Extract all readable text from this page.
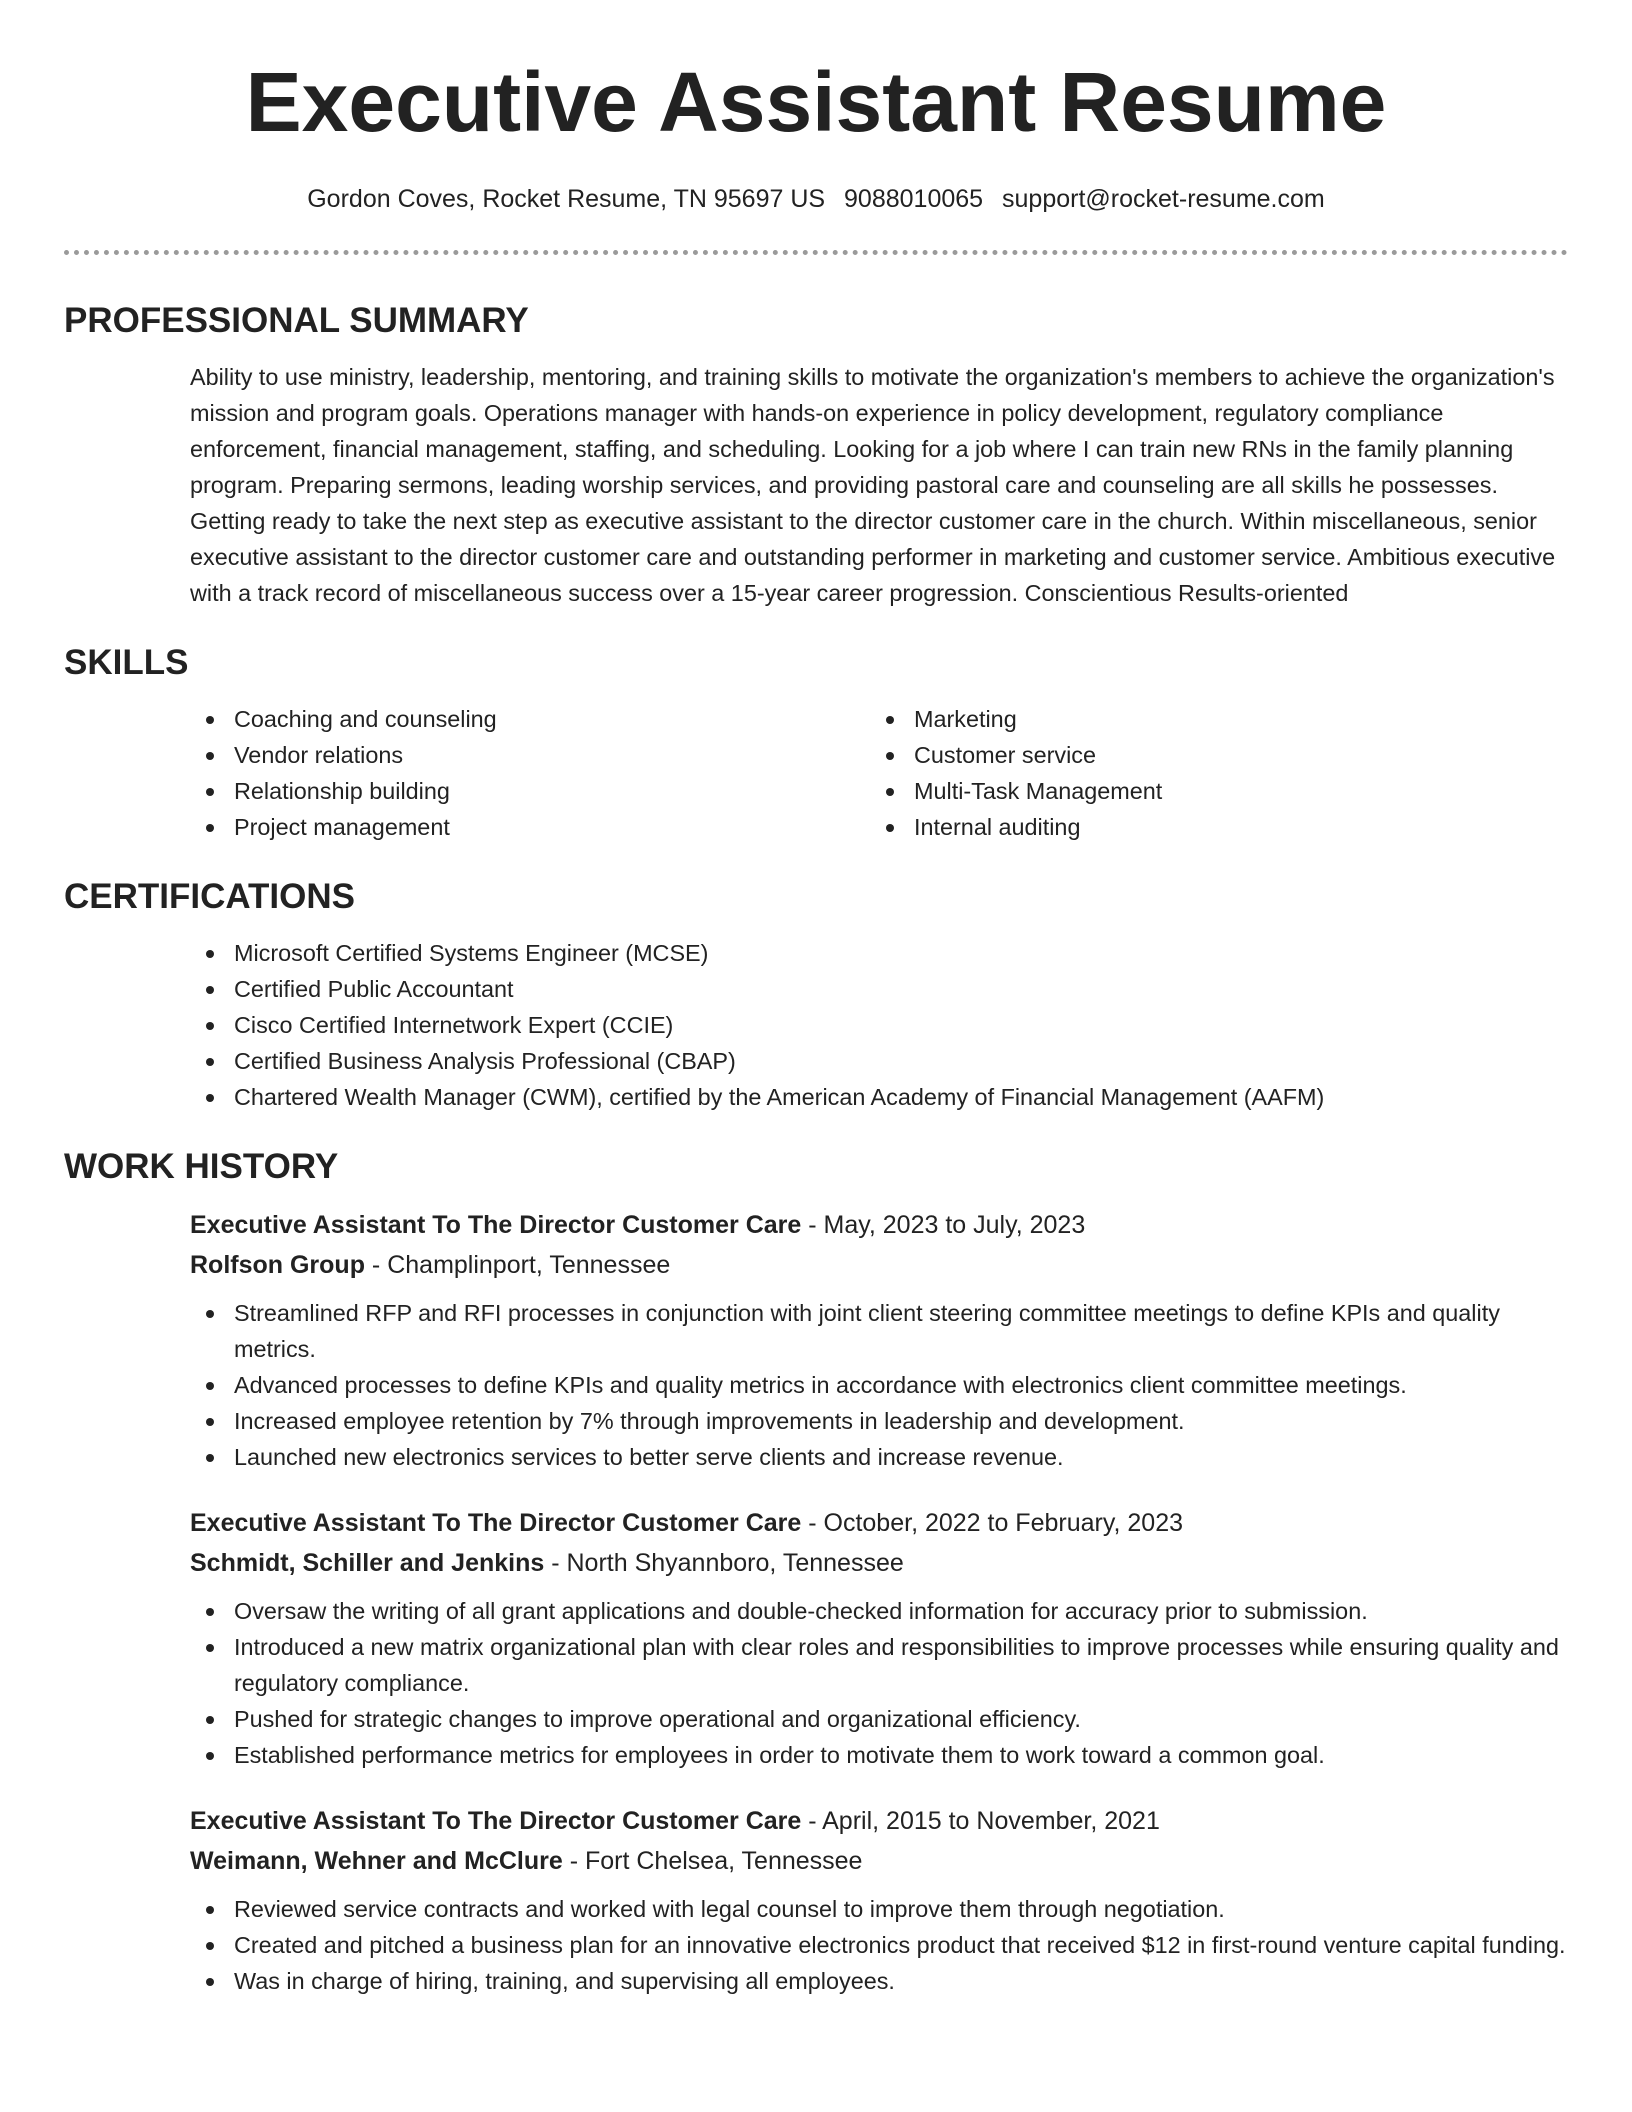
Executive Assistant Resume
Gordon Coves, Rocket Resume, TN 95697 US 9088010065 support@rocket-resume.com
PROFESSIONAL SUMMARY

Ability to use ministry, leadership, mentoring, and training skills to motivate the organization's members to achieve the organization's mission and program goals. Operations manager with hands-on experience in policy development, regulatory compliance enforcement, financial management, staffing, and scheduling. Looking for a job where I can train new RNs in the family planning program. Preparing sermons, leading worship services, and providing pastoral care and counseling are all skills he possesses. Getting ready to take the next step as executive assistant to the director customer care in the church. Within miscellaneous, senior executive assistant to the director customer care and outstanding performer in marketing and customer service. Ambitious executive with a track record of miscellaneous success over a 15-year career progression. Conscientious Results-oriented

SKILLS
Coaching and counseling
Vendor relations
Relationship building
Project management
Marketing
Customer service
Multi-Task Management
Internal auditing
CERTIFICATIONS
Microsoft Certified Systems Engineer (MCSE)
Certified Public Accountant
Cisco Certified Internetwork Expert (CCIE)
Certified Business Analysis Professional (CBAP)
Chartered Wealth Manager (CWM), certified by the American Academy of Financial Management (AAFM)
WORK HISTORY
Executive Assistant To The Director Customer Care - May, 2023 to July, 2023
Rolfson Group - Champlinport, Tennessee
Streamlined RFP and RFI processes in conjunction with joint client steering committee meetings to define KPIs and quality metrics.
Advanced processes to define KPIs and quality metrics in accordance with electronics client committee meetings.
Increased employee retention by 7% through improvements in leadership and development.
Launched new electronics services to better serve clients and increase revenue.
Executive Assistant To The Director Customer Care - October, 2022 to February, 2023
Schmidt, Schiller and Jenkins - North Shyannboro, Tennessee
Oversaw the writing of all grant applications and double-checked information for accuracy prior to submission.
Introduced a new matrix organizational plan with clear roles and responsibilities to improve processes while ensuring quality and regulatory compliance.
Pushed for strategic changes to improve operational and organizational efficiency.
Established performance metrics for employees in order to motivate them to work toward a common goal.
Executive Assistant To The Director Customer Care - April, 2015 to November, 2021
Weimann, Wehner and McClure - Fort Chelsea, Tennessee
Reviewed service contracts and worked with legal counsel to improve them through negotiation.
Created and pitched a business plan for an innovative electronics product that received $12 in first-round venture capital funding.
Was in charge of hiring, training, and supervising all employees.
